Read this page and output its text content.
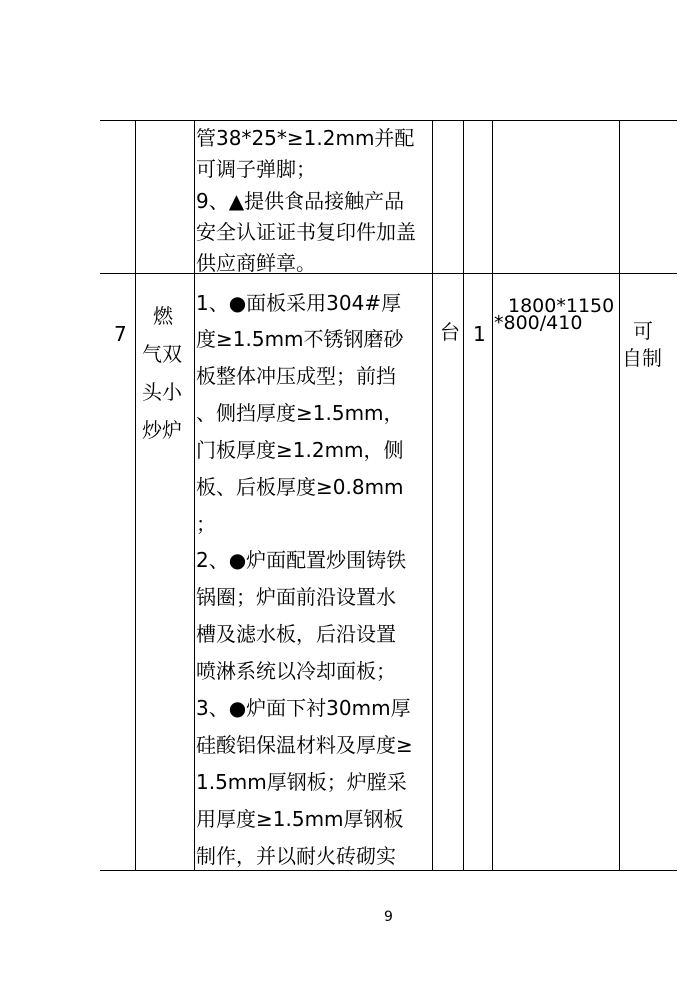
管38*25*≥1.2mm并配
可调子弹脚；
9、▲提供食品接触产品
安全认证证书复印件加盖
供应商鲜章。
7
燃
气双
头小
炒炉
台 1
1800*1150
*800/410	可
自制
1、●面板采用304#厚
度≥1.5mm不锈钢磨砂
板整体冲压成型；前挡
、侧挡厚度≥1.5mm，
门板厚度≥1.2mm，侧
板、后板厚度≥0.8mm
；
2、●炉面配置炒围铸铁
锅圈；炉面前沿设置水
槽及滤水板，后沿设置
喷淋系统以冷却面板；
3、●炉面下衬30mm厚
硅酸铝保温材料及厚度≥
1.5mm厚钢板；炉膛采
用厚度≥1.5mm厚钢板
制作，并以耐火砖砌实
9
